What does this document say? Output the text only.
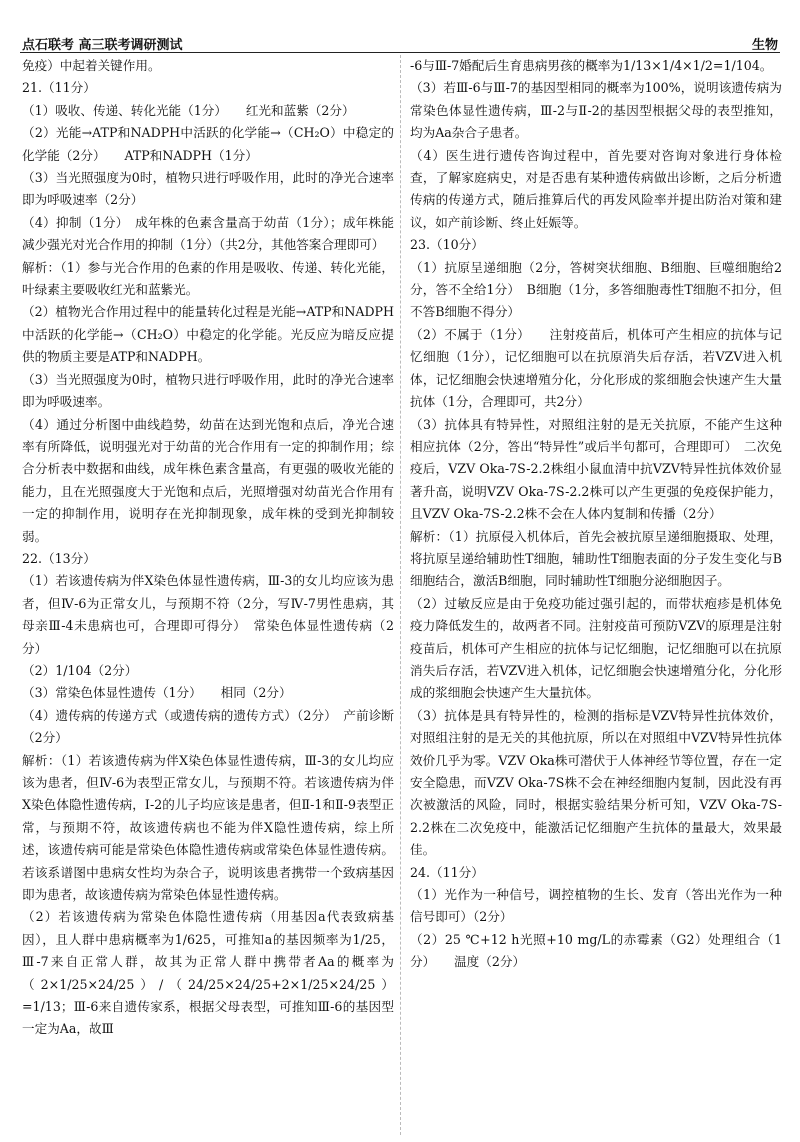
点石联考 高三联考调研测试	生物

免疫）中起着关键作用。

21.（11分）

（1）吸收、传递、转化光能（1分）　　红光和蓝紫（2分）

（2）光能→ATP和NADPH中活跃的化学能→（CH₂O）中稳定的化学能（2分）　　ATP和NADPH（1分）

（3）当光照强度为0时，植物只进行呼吸作用，此时的净光合速率即为呼吸速率（2分）

（4）抑制（1分）　成年株的色素含量高于幼苗（1分）；成年株能减少强光对光合作用的抑制（1分）（共2分，其他答案合理即可）

解析：（1）参与光合作用的色素的作用是吸收、传递、转化光能，叶绿素主要吸收红光和蓝紫光。

（2）植物光合作用过程中的能量转化过程是光能→ATP和NADPH中活跃的化学能→（CH₂O）中稳定的化学能。光反应为暗反应提供的物质主要是ATP和NADPH。

（3）当光照强度为0时，植物只进行呼吸作用，此时的净光合速率即为呼吸速率。

（4）通过分析图中曲线趋势，幼苗在达到光饱和点后，净光合速率有所降低，说明强光对于幼苗的光合作用有一定的抑制作用；综合分析表中数据和曲线，成年株色素含量高，有更强的吸收光能的能力，且在光照强度大于光饱和点后，光照增强对幼苗光合作用有一定的抑制作用，说明存在光抑制现象，成年株的受到光抑制较弱。

22.（13分）

（1）若该遗传病为伴X染色体显性遗传病，Ⅲ-3的女儿均应该为患者，但Ⅳ-6为正常女儿，与预期不符（2分，写Ⅳ-7男性患病，其母亲Ⅲ-4未患病也可，合理即可得分）　常染色体显性遗传病（2分）

（2）1/104（2分）

（3）常染色体显性遗传（1分）　　相同（2分）

（4）遗传病的传递方式（或遗传病的遗传方式）（2分）　产前诊断（2分）

解析：（1）若该遗传病为伴X染色体显性遗传病，Ⅲ-3的女儿均应该为患者，但Ⅳ-6为表型正常女儿，与预期不符。若该遗传病为伴X染色体隐性遗传病，Ⅰ-2的儿子均应该是患者，但Ⅱ-1和Ⅱ-9表型正常，与预期不符，故该遗传病也不能为伴X隐性遗传病，综上所述，该遗传病可能是常染色体隐性遗传病或常染色体显性遗传病。若该系谱图中患病女性均为杂合子，说明该患者携带一个致病基因即为患者，故该遗传病为常染色体显性遗传病。

（2）若该遗传病为常染色体隐性遗传病（用基因a代表致病基因），且人群中患病概率为1/625，可推知a的基因频率为1/25，Ⅲ-7来自正常人群，故其为正常人群中携带者Aa的概率为（2×1/25×24/25）/（24/25×24/25+2×1/25×24/25）=1/13；Ⅲ-6来自遗传家系，根据父母表型，可推知Ⅲ-6的基因型一定为Aa，故Ⅲ

-6与Ⅲ-7婚配后生育患病男孩的概率为1/13×1/4×1/2=1/104。

（3）若Ⅲ-6与Ⅲ-7的基因型相同的概率为100%，说明该遗传病为常染色体显性遗传病，Ⅲ-2与Ⅱ-2的基因型根据父母的表型推知，均为Aa杂合子患者。

（4）医生进行遗传咨询过程中，首先要对咨询对象进行身体检查，了解家庭病史，对是否患有某种遗传病做出诊断，之后分析遗传病的传递方式，随后推算后代的再发风险率并提出防治对策和建议，如产前诊断、终止妊娠等。

23.（10分）

（1）抗原呈递细胞（2分，答树突状细胞、B细胞、巨噬细胞给2分，答不全给1分）　B细胞（1分，多答细胞毒性T细胞不扣分，但不答B细胞不得分）

（2）不属于（1分）　　注射疫苗后，机体可产生相应的抗体与记忆细胞（1分），记忆细胞可以在抗原消失后存活，若VZV进入机体，记忆细胞会快速增殖分化，分化形成的浆细胞会快速产生大量抗体（1分，合理即可，共2分）

（3）抗体具有特异性，对照组注射的是无关抗原，不能产生这种相应抗体（2分，答出“特异性”或后半句都可，合理即可）　二次免疫后，VZV Oka-7S-2.2株组小鼠血清中抗VZV特异性抗体效价显著升高，说明VZV Oka-7S-2.2株可以产生更强的免疫保护能力，且VZV Oka-7S-2.2株不会在人体内复制和传播（2分）

解析：（1）抗原侵入机体后，首先会被抗原呈递细胞摄取、处理，将抗原呈递给辅助性T细胞，辅助性T细胞表面的分子发生变化与B细胞结合，激活B细胞，同时辅助性T细胞分泌细胞因子。

（2）过敏反应是由于免疫功能过强引起的，而带状疱疹是机体免疫力降低发生的，故两者不同。注射疫苗可预防VZV的原理是注射疫苗后，机体可产生相应的抗体与记忆细胞，记忆细胞可以在抗原消失后存活，若VZV进入机体，记忆细胞会快速增殖分化，分化形成的浆细胞会快速产生大量抗体。

（3）抗体是具有特异性的，检测的指标是VZV特异性抗体效价，对照组注射的是无关的其他抗原，所以在对照组中VZV特异性抗体效价几乎为零。VZV Oka株可潜伏于人体神经节等位置，存在一定安全隐患，而VZV Oka-7S株不会在神经细胞内复制，因此没有再次被激活的风险，同时，根据实验结果分析可知，VZV Oka-7S-2.2株在二次免疫中，能激活记忆细胞产生抗体的量最大，效果最佳。

24.（11分）

（1）光作为一种信号，调控植物的生长、发育（答出光作为一种信号即可）（2分）

（2）25 ℃+12 h光照+10 mg/L的赤霉素（G2）处理组合（1分）　　温度（2分）
